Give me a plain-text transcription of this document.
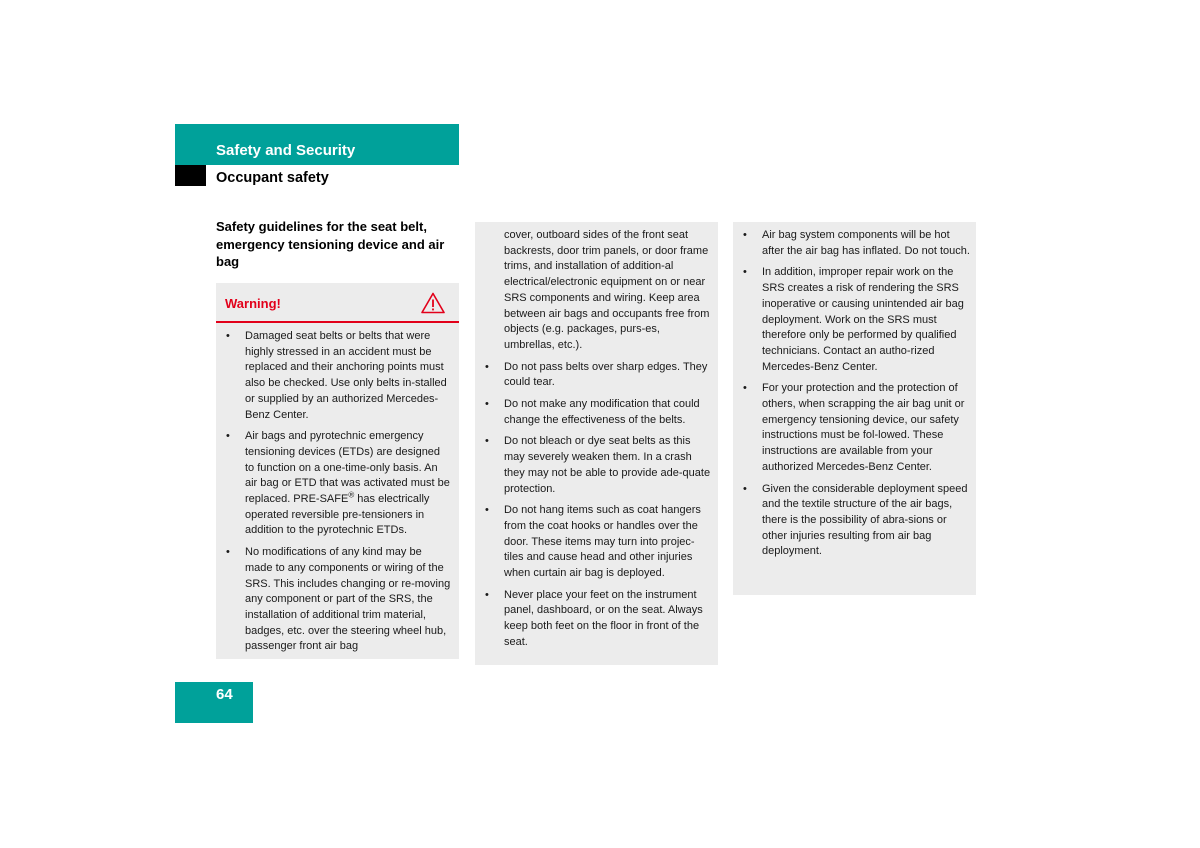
Safety and Security
Occupant safety
Safety guidelines for the seat belt, emergency tensioning device and air bag
Warning!
• Damaged seat belts or belts that were highly stressed in an accident must be replaced and their anchoring points must also be checked. Use only belts in-stalled or supplied by an authorized Mercedes-Benz Center.
• Air bags and pyrotechnic emergency tensioning devices (ETDs) are designed to function on a one-time-only basis. An air bag or ETD that was activated must be replaced. PRE-SAFE® has electrically operated reversible pre-tensioners in addition to the pyrotechnic ETDs.
• No modifications of any kind may be made to any components or wiring of the SRS. This includes changing or re-moving any component or part of the SRS, the installation of additional trim material, badges, etc. over the steering wheel hub, passenger front air bag
cover, outboard sides of the front seat backrests, door trim panels, or door frame trims, and installation of addition-al electrical/electronic equipment on or near SRS components and wiring. Keep area between air bags and occupants free from objects (e.g. packages, purs-es, umbrellas, etc.).
• Do not pass belts over sharp edges. They could tear.
• Do not make any modification that could change the effectiveness of the belts.
• Do not bleach or dye seat belts as this may severely weaken them. In a crash they may not be able to provide ade-quate protection.
• Do not hang items such as coat hangers from the coat hooks or handles over the door. These items may turn into projec-tiles and cause head and other injuries when curtain air bag is deployed.
• Never place your feet on the instrument panel, dashboard, or on the seat. Always keep both feet on the floor in front of the seat.
• Air bag system components will be hot after the air bag has inflated. Do not touch.
• In addition, improper repair work on the SRS creates a risk of rendering the SRS inoperative or causing unintended air bag deployment. Work on the SRS must therefore only be performed by qualified technicians. Contact an autho-rized Mercedes-Benz Center.
• For your protection and the protection of others, when scrapping the air bag unit or emergency tensioning device, our safety instructions must be fol-lowed. These instructions are available from your authorized Mercedes-Benz Center.
• Given the considerable deployment speed and the textile structure of the air bags, there is the possibility of abra-sions or other injuries resulting from air bag deployment.
64
